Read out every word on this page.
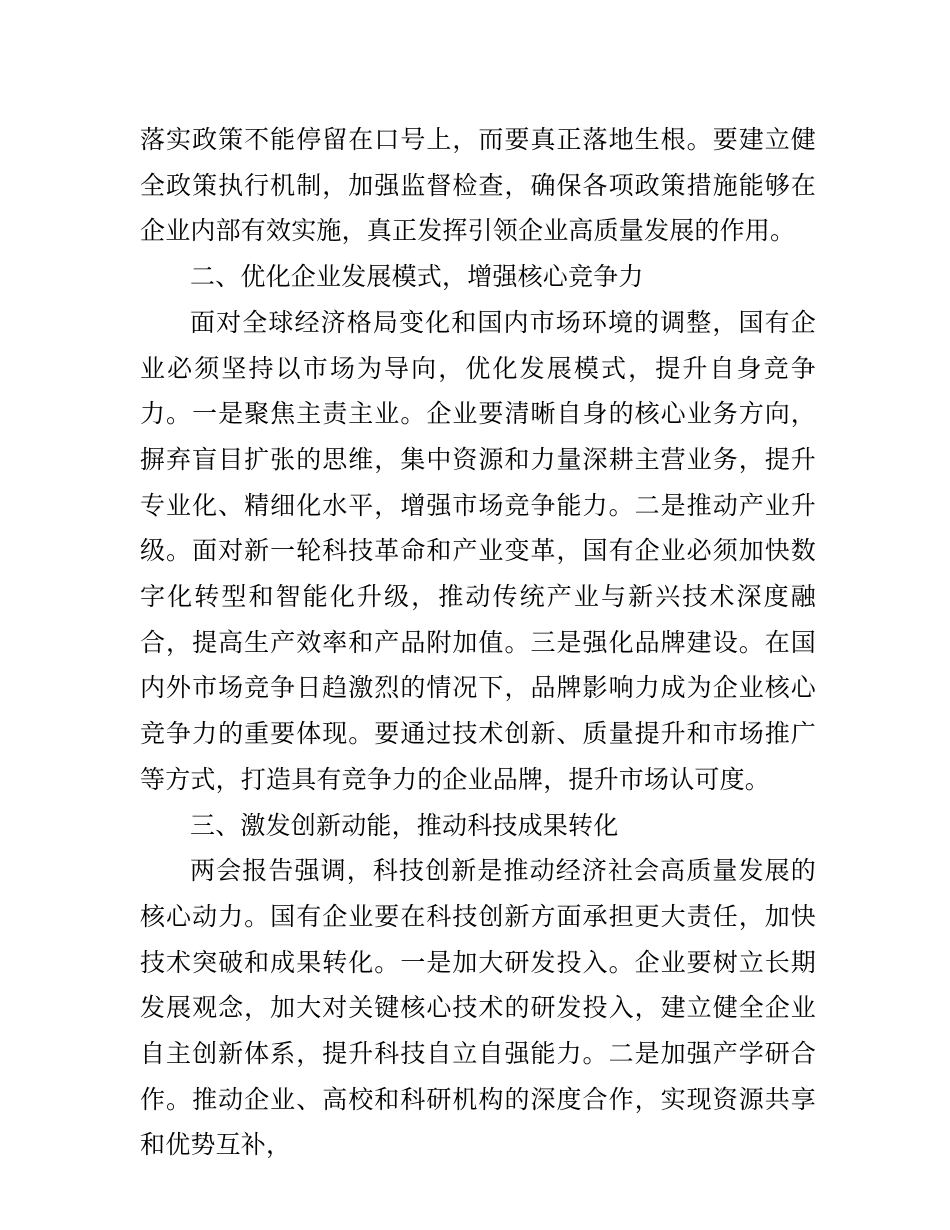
落实政策不能停留在口号上，而要真正落地生根。要建立健全政策执行机制，加强监督检查，确保各项政策措施能够在企业内部有效实施，真正发挥引领企业高质量发展的作用。

二、优化企业发展模式，增强核心竞争力

面对全球经济格局变化和国内市场环境的调整，国有企业必须坚持以市场为导向，优化发展模式，提升自身竞争力。一是聚焦主责主业。企业要清晰自身的核心业务方向，摒弃盲目扩张的思维，集中资源和力量深耕主营业务，提升专业化、精细化水平，增强市场竞争能力。二是推动产业升级。面对新一轮科技革命和产业变革，国有企业必须加快数字化转型和智能化升级，推动传统产业与新兴技术深度融合，提高生产效率和产品附加值。三是强化品牌建设。在国内外市场竞争日趋激烈的情况下，品牌影响力成为企业核心竞争力的重要体现。要通过技术创新、质量提升和市场推广等方式，打造具有竞争力的企业品牌，提升市场认可度。

三、激发创新动能，推动科技成果转化

两会报告强调，科技创新是推动经济社会高质量发展的核心动力。国有企业要在科技创新方面承担更大责任，加快技术突破和成果转化。一是加大研发投入。企业要树立长期发展观念，加大对关键核心技术的研发投入，建立健全企业自主创新体系，提升科技自立自强能力。二是加强产学研合作。推动企业、高校和科研机构的深度合作，实现资源共享和优势互补，
